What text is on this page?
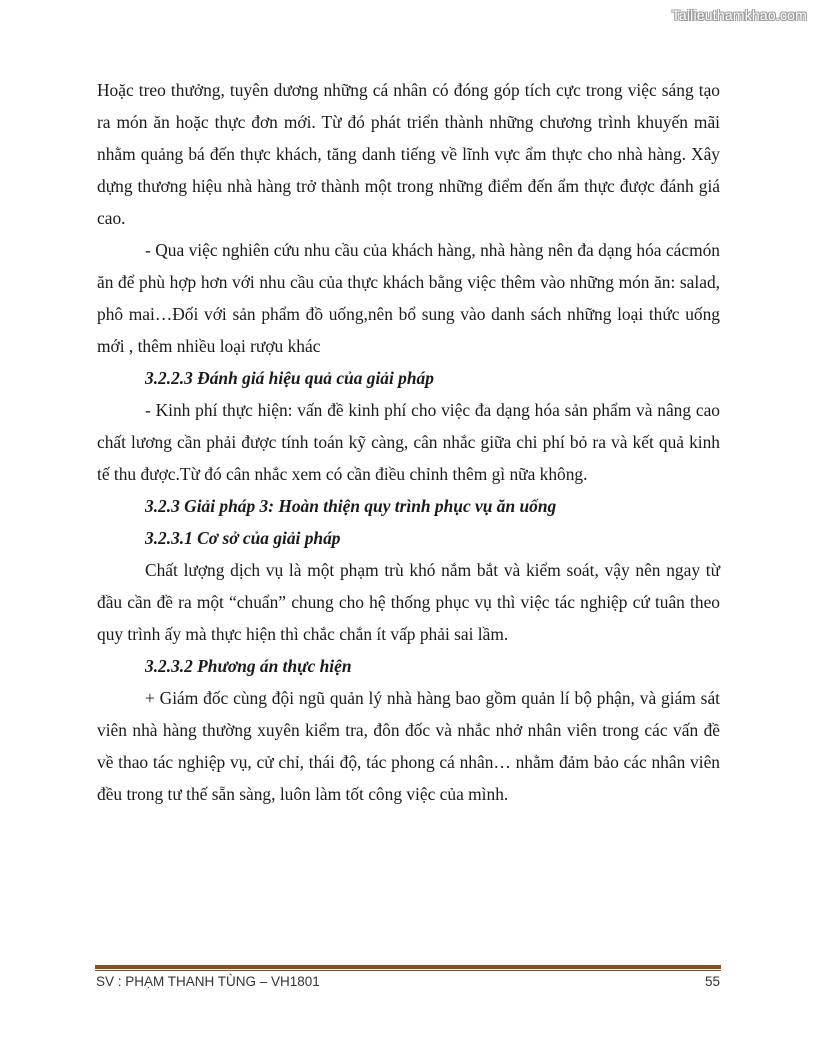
Tailieuthamkhao.com

Hoặc treo thưởng, tuyên dương những cá nhân có đóng góp tích cực trong việc sáng tạo ra món ăn hoặc thực đơn mới. Từ đó phát triển thành những chương trình khuyến mãi nhằm quảng bá đến thực khách, tăng danh tiếng về lĩnh vực ẩm thực cho nhà hàng. Xây dựng thương hiệu nhà hàng trở thành một trong những điểm đến ẩm thực được đánh giá cao.

- Qua việc nghiên cứu nhu cầu của khách hàng, nhà hàng nên đa dạng hóa cácmón ăn để phù hợp hơn với nhu cầu của thực khách bằng việc thêm vào những món ăn: salad, phô mai…Đối với sản phẩm đồ uống,nên bổ sung vào danh sách những loại thức uống mới , thêm nhiều loại rượu khác

3.2.2.3 Đánh giá hiệu quả của giải pháp

- Kinh phí thực hiện: vấn đề kinh phí cho việc đa dạng hóa sản phẩm và nâng cao chất lương cần phải được tính toán kỹ càng, cân nhắc giữa chi phí bỏ ra và kết quả kinh tế thu được.Từ đó cân nhắc xem có cần điều chỉnh thêm gì nữa không.

3.2.3 Giải pháp 3: Hoàn thiện quy trình phục vụ ăn uống

3.2.3.1 Cơ sở của giải pháp

Chất lượng dịch vụ là một phạm trù khó nắm bắt và kiểm soát, vậy nên ngay từ đầu cần đề ra một “chuẩn” chung cho hệ thống phục vụ thì việc tác nghiệp cứ tuân theo quy trình ấy mà thực hiện thì chắc chắn ít vấp phải sai lầm.

3.2.3.2 Phương án thực hiện

+ Giám đốc cùng đội ngũ quản lý nhà hàng bao gồm quản lí bộ phận, và giám sát viên nhà hàng thường xuyên kiểm tra, đôn đốc và nhắc nhở nhân viên trong các vấn đề về thao tác nghiệp vụ, cử chỉ, thái độ, tác phong cá nhân… nhằm đảm bảo các nhân viên đều trong tư thế sẵn sàng, luôn làm tốt công việc của mình.

SV : PHẠM THANH TÙNG – VH1801	55
